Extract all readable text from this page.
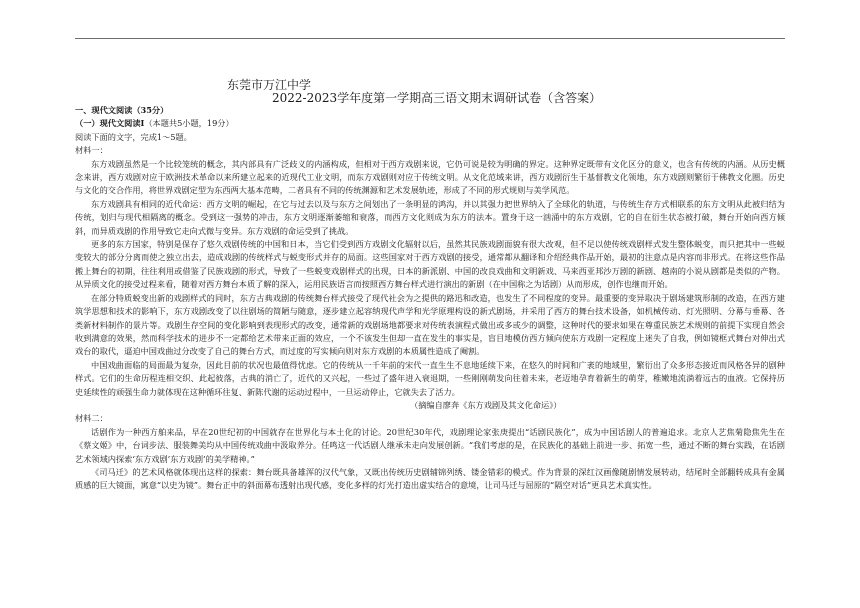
东莞市万江中学
2022-2023学年度第一学期高三语文期末调研试卷（含答案）
一、现代文阅读（35分）
（一）现代文阅读Ⅰ（本题共5小题，19分）
阅读下面的文字，完成1～5题。
材料一：

东方戏剧虽然是一个比较笼统的概念，其内部具有广泛歧义的内涵构成，但相对于西方戏剧来说，它仍可说是较为明确的界定。这种界定既带有文化区分的意义，也含有传统的内涵。从历史概念来讲，西方戏剧对应于欧洲技术革命以来所建立起来的近现代工业文明，而东方戏剧则对应于传统文明。从文化范域来讲，西方戏剧衍生于基督教文化领地，东方戏剧则繁衍于佛教文化圈。历史与文化的交合作用，将世界戏剧定型为东西两大基本范畴，二者具有不同的传统渊源和艺术发展轨迹，形成了不同的形式规则与美学风范。

东方戏剧具有相同的近代命运：西方文明的崛起，在它与过去以及与东方之间划出了一条明显的鸿沟，并以其强力把世界纳入了全球化的轨道，与传统生存方式相联系的东方文明从此被归结为传统，划归与现代相隔离的概念。受到这一强势的冲击，东方文明逐渐萎缩和衰落，而西方文化则成为东方的法本。置身于这一汹涌中的东方戏剧，它的自在衍生状态被打破，舞台开始向西方倾斜，而异质戏剧的作用导致它走向式微与变异。东方戏剧的命运受到了挑战。

更多的东方国家，特别是保存了悠久戏剧传统的中国和日本，当它们受到西方戏剧文化辐射以后，虽然其民族戏剧面貌有很大改观，但不足以使传统戏剧样式发生整体蜕变，而只把其中一些蜕变较大的部分分离而使之独立出去，造成戏剧的传统样式与蜕变形式并存的局面。这些国家对于西方戏剧的接受，通常都从翻译和介绍经典作品开始，最初的注意点是内容而非形式。在将这些作品搬上舞台的初期，往往利用或借鉴了民族戏剧的形式，导致了一些蜕变戏剧样式的出现，日本的新派剧、中国的改良戏曲和文明新戏、马来西亚邦沙万剧的新剧、越南的小说从剧都是类似的产物。从异质文化的接受过程来看，随着对西方舞台本质了解的深入，运用民族语言而按照西方舞台样式进行演出的新剧（在中国称之为话剧）从而形成，创作也继而开始。

在部分特质蜕变出新的戏剧样式的同时，东方古典戏剧的传统舞台样式接受了现代社会为之提供的路迅和改造，也发生了不同程度的变异。最重要的变异取决于剧场建筑形制的改造，在西方建筑学思想和技术的影响下，东方戏剧改变了以往剧场的简陋与随意，逐步建立起容纳现代声学和光学原理构设的新式剧场，并采用了西方的舞台技术设备，如机械传动、灯光照明、分幕与垂幕、各类新材料制作的景片等。戏剧生存空间的变化影响到表现形式的改变，通常新的戏剧场地都要求对传统表演程式做出或多或少的调整，这种时代的要求如果在尊重民族艺术规则的前提下实现自然会收到满意的效果，然而科学技术的进步不一定都给艺术带来正面的效应，一个不该发生但却一直在发生的事实是，盲目地模仿西方倾向使东方戏剧一定程度上迷失了自我，例如镜框式舞台对伸出式戏台的取代，逼迫中国戏曲过分改变了自己的舞台方式，而过度的写实倾向则对东方戏剧的本质属性造成了阉割。

中国戏曲面临的局面最为复杂，因此目前的状况也最值得忧虑。它的传统从一千年前的宋代一直生生不息地延续下来，在悠久的时间和广袤的地域里，繁衍出了众多形态接近而风格各异的剧种样式。它们的生命历程连相交织、此起彼落，古典的消亡了，近代的又兴起，一些过了盛年进入衰退期，一些刚刚萌发向往着未来，老迈地孕育着新生的萌芽，稚嫩地流淌着远古的血液。它保持历史延续性的顽强生命力就体现在这种循环往复、新陈代谢的运动过程中，一旦运动停止，它就失去了活力。

（摘编自廖奔《东方戏剧及其文化命运》）
材料二：

话剧作为一种西方舶来品，早在20世纪初的中国就存在世界化与本土化的讨论。20世纪30年代，戏剧理论家张庚提出“话剧民族化”，成为中国话剧人的普遍追求。北京人艺焦菊隐焦先生在《蔡文姬》中，台词步法、服装舞美均从中国传统戏曲中汲取养分。任鸣这一代话剧人继承未走向发展创新。“我们考虑的是，在民族化的基础上前进一步、拓宽一些，通过不断的舞台实践，在话剧艺术领域内探索‘东方戏剧’东方戏剧’的美学精神。”

《司马迁》的艺术风格就体现出这样的探索：舞台既具备雄浑的汉代气象，又既出传统历史剧辅锦列绣、镂金错彩的模式。作为背景的深红汉画像随剧情发展转动，结尾时全部翻转成具有金属质感的巨大镜面，寓意“以史为镜”。舞台正中的斜面幕布透射出现代感，变化多样的灯光打造出虚实结合的意境，让司马迁与屈原的“隔空对话”更具艺术真实性。
